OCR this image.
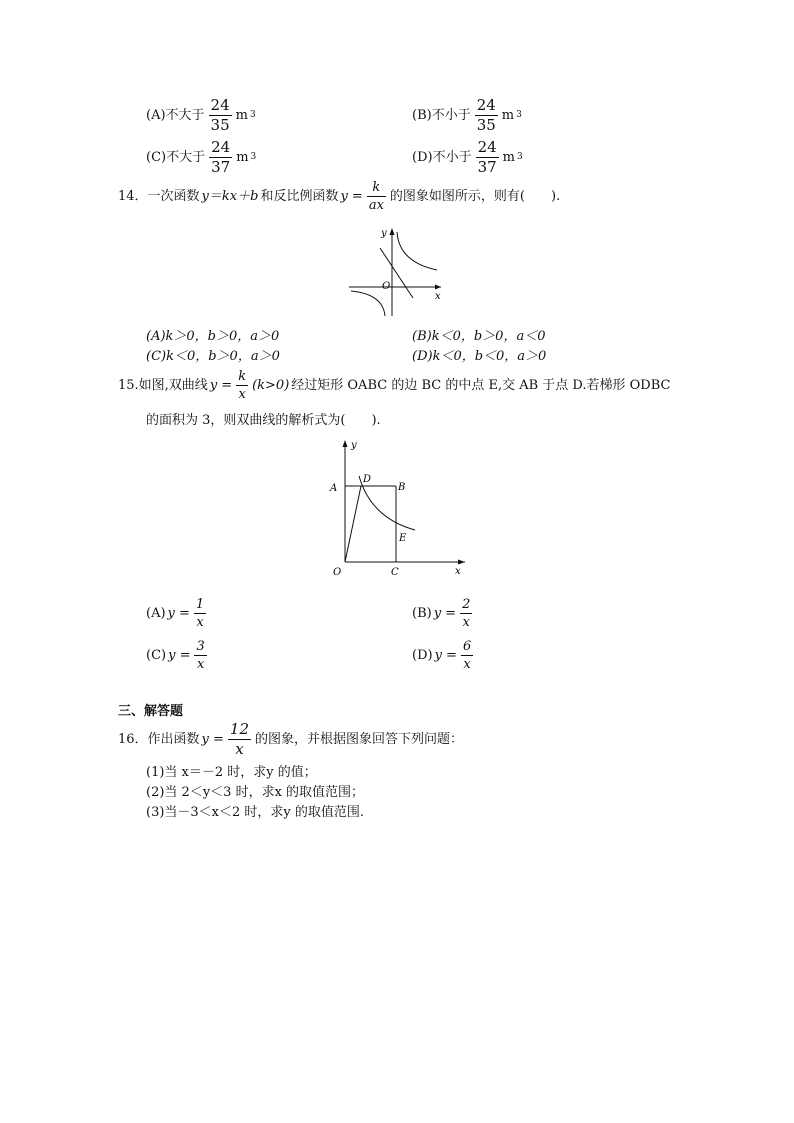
(A)不大于 $\frac{24}{35}$ m 3	(B)不小于 $\frac{24}{35}$ m 3
(C)不大于 $\frac{24}{37}$ m 3	(D)不小于 $\frac{24}{37}$ m 3
14．一次函数 y＝kx＋b 和反比例函数 $y = \frac{k}{ax}$ 的图象如图所示，则有(　　).
y
x
O
(A)k＞0，b＞0，a＞0	(B)k＜0，b＞0，a＜0
(C)k＜0，b＞0，a＞0	(D)k＜0，b＜0，a＞0
15.如图,双曲线 $y = \frac{k}{x} (k>0)$ 经过矩形 OABC 的边 BC 的中点 E,交 AB 于点 D.若梯形 ODBC
的面积为 3，则双曲线的解析式为(　　).
y
x
A	B
C
D
E
O
(A) $y = \frac{1}{x}$	(B) $y = \frac{2}{x}$
(C) $y = \frac{3}{x}$	(D) $y = \frac{6}{x}$
三、解答题
16．作出函数 $y = \frac{12}{x}$ 的图象，并根据图象回答下列问题：
(1)当 x＝－2 时，求y 的值；
(2)当 2＜y＜3 时，求x 的取值范围；
(3)当－3＜x＜2 时，求y 的取值范围.
